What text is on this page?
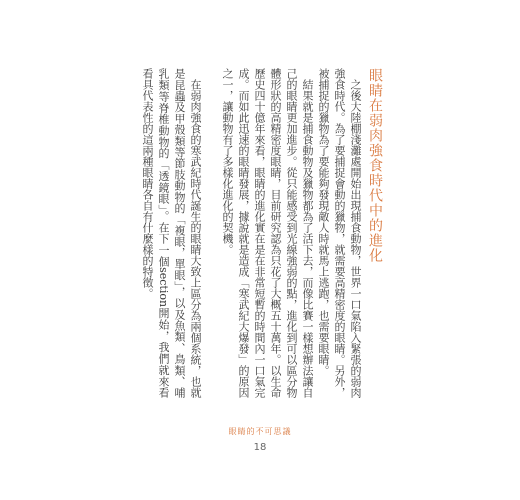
眼睛在弱肉強食時代中的進化

之後大陸棚淺灘處開始出現捕食動物，世界一口氣陷入緊張的弱肉強食時代。為了要捕捉會動的獵物，就需要高精密度的眼睛。另外，被捕捉的獵物為了要能夠發現敵人時就馬上逃跑，也需要眼睛。

結果就是捕食動物及獵物都為了活下去，而像比賽一樣想辦法讓自己的眼睛更加進步。從只能感受到光線強弱的點，進化到可以區分物體形狀的高精密度眼睛，目前研究認為只花了大概五十萬年。以生命歷史四十億年來看，眼睛的進化實在是在非常短暫的時間內一口氣完成。而如此迅速的眼睛發展，據說就是造成「寒武紀大爆發」的原因之一，讓動物有了多樣化進化的契機。

在弱肉強食的寒武紀時代誕生的眼睛大致上區分為兩個系統，也就是昆蟲及甲殼類等節肢動物的「複眼，單眼」，以及魚類、鳥類、哺乳類等脊椎動物的「透鏡眼」。在下一個section開始，我們就來看看具代表性的這兩種眼睛各自有什麼樣的特徵。

眼睛的不可思議
18
